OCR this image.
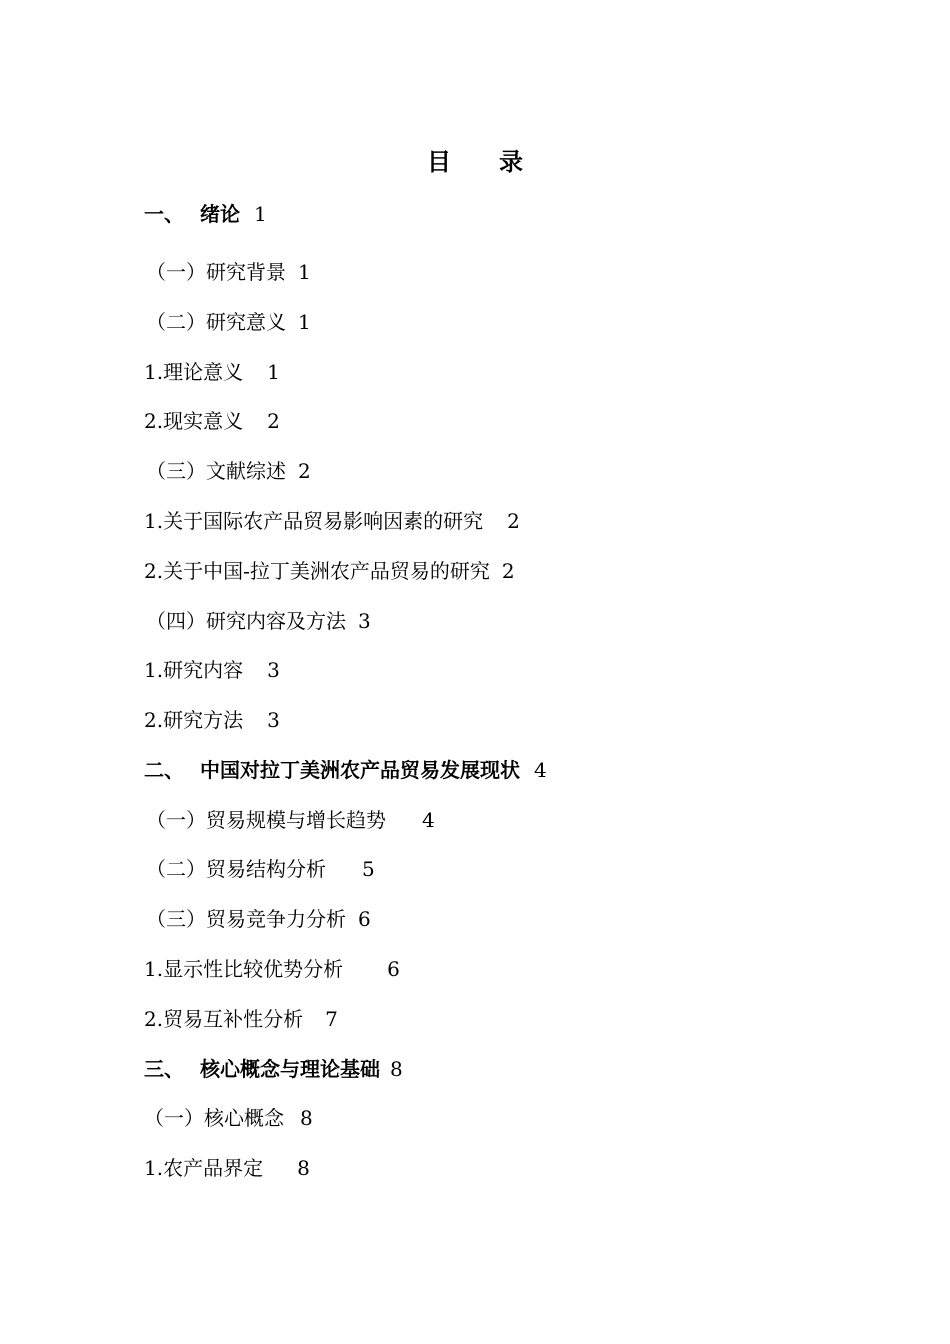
目 录
一、 绪论 1
（一）研究背景 1
（二）研究意义 1
1.理论意义 1
2.现实意义 2
（三）文献综述 2
1.关于国际农产品贸易影响因素的研究 2
2.关于中国-拉丁美洲农产品贸易的研究 2
（四）研究内容及方法 3
1.研究内容 3
2.研究方法 3
二、 中国对拉丁美洲农产品贸易发展现状 4
（一）贸易规模与增长趋势 4
（二）贸易结构分析 5
（三）贸易竞争力分析 6
1.显示性比较优势分析 6
2.贸易互补性分析 7
三、 核心概念与理论基础 8
（一）核心概念 8
1.农产品界定 8
